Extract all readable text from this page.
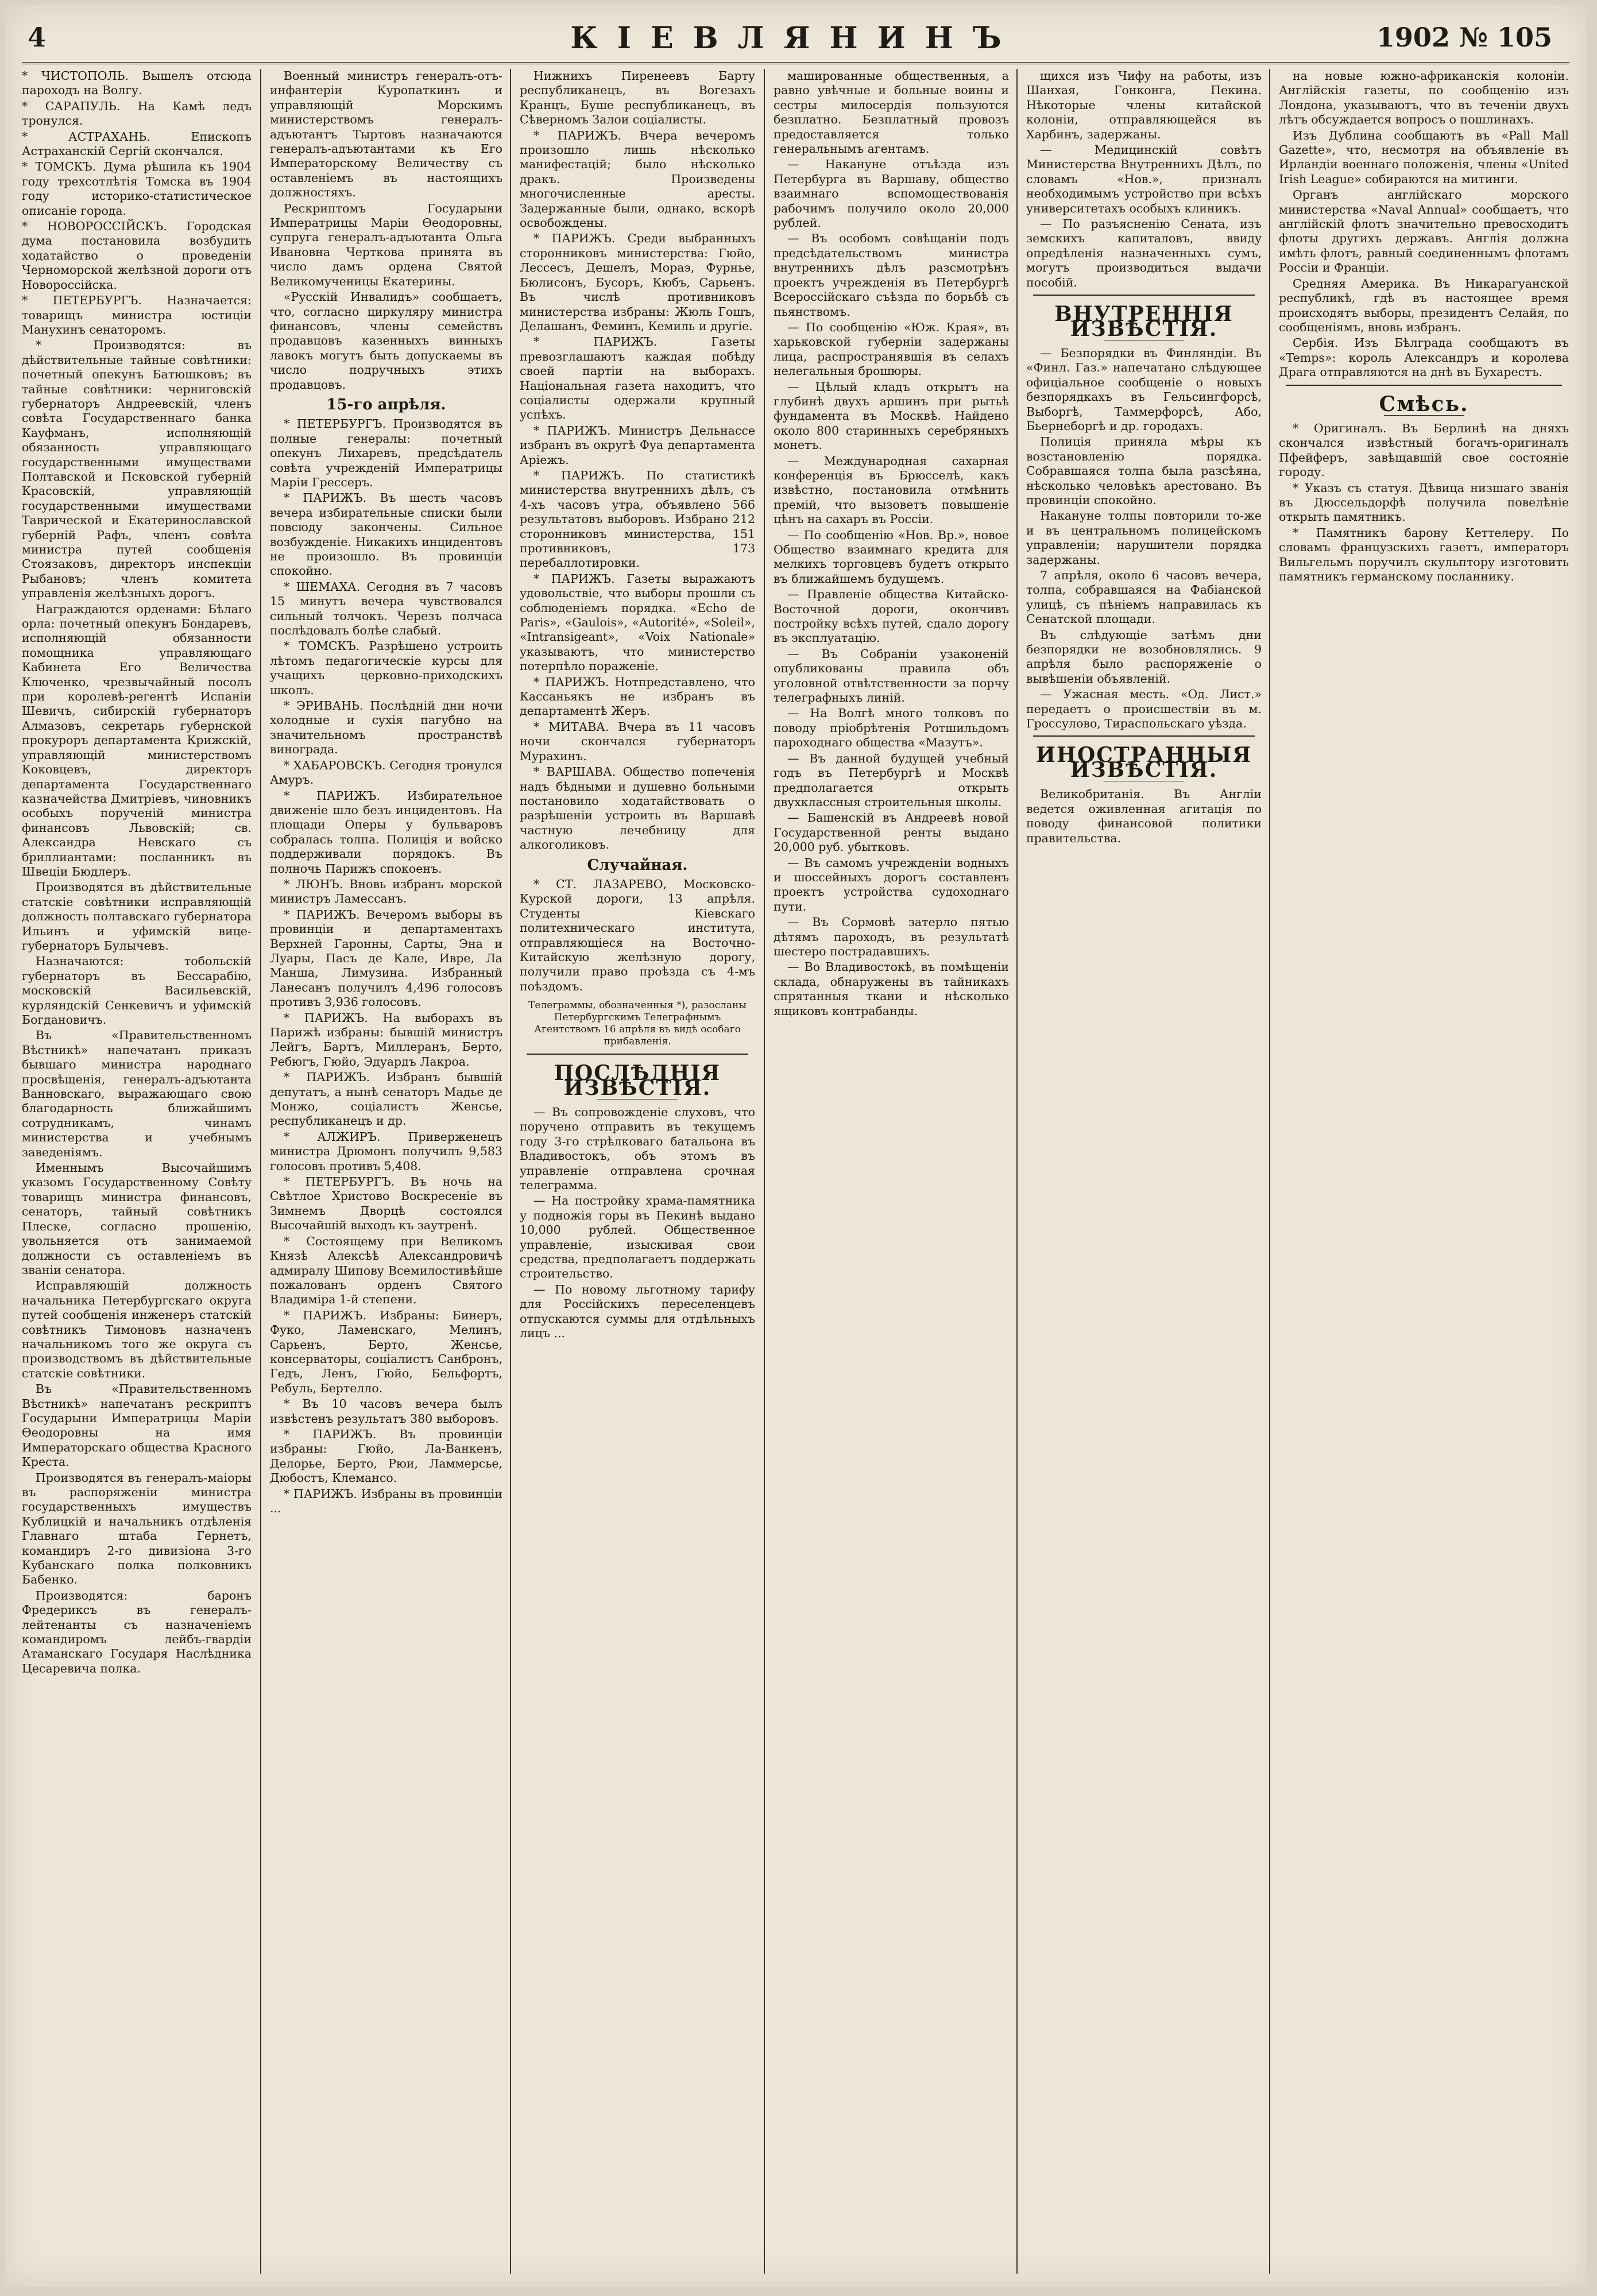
4	КІЕВЛЯНИНЪ	1902 № 105

* ЧИСТОПОЛЬ. Вышелъ отсюда пароходъ на Волгу.

* САРАПУЛЬ. На Камѣ ледъ тронулся.

* АСТРАХАНЬ. Епископъ Астраханскій Сергій скончался.

* ТОМСКЪ. Дума рѣшила къ 1904 году трехсотлѣтія Томска въ 1904 году историко-статистическое описаніе города.

* НОВОРОССІЙСКЪ. Городская дума постановила возбудить ходатайство о проведеніи Черноморской желѣзной дороги отъ Новороссійска.

* ПЕТЕРБУРГЪ. Назначается: товарищъ министра юстиціи Манухинъ сенаторомъ.

* Производятся: въ дѣйствительные тайные совѣтники: почетный опекунъ Батюшковъ; въ тайные совѣтники: черниговскій губернаторъ Андреевскій, членъ совѣта Государственнаго банка Кауфманъ, исполняющій обязанность управляющаго государственными имуществами Полтавской и Псковской губерній Красовскій, управляющій государственными имуществами Таврической и Екатеринославской губерній Рафъ, членъ совѣта министра путей сообщенія Стоязаковъ, директоръ инспекціи Рыбановъ; членъ комитета управленія желѣзныхъ дорогъ.

Награждаются орденами: Бѣлаго орла: почетный опекунъ Бондаревъ, исполняющій обязанности помощника управляющаго Кабинета Его Величества Ключенко, чрезвычайный посолъ при королевѣ-регентѣ Испаніи Шевичъ, сибирскій губернаторъ Алмазовъ, секретарь губернской прокуроръ департамента Крижскій, управляющій министерствомъ Коковцевъ, директоръ департамента Государственнаго казначейства Дмитріевъ, чиновникъ особыхъ порученій министра финансовъ Львовскій; св. Александра Невскаго съ бриллиантами: посланникъ въ Швеціи Бюдлеръ.

Производятся въ дѣйствительные статскіе совѣтники исправляющій должность полтавскаго губернатора Ильинъ и уфимскій вице-губернаторъ Булычевъ.

Назначаются: тобольскій губернаторъ въ Бессарабію, московскій Васильевскій, курляндскій Сенкевичъ и уфимскій Богдановичъ.

Въ «Правительственномъ Вѣстникѣ» напечатанъ приказъ бывшаго министра народнаго просвѣщенія, генералъ-адъютанта Ванновскаго, выражающаго свою благодарность ближайшимъ сотрудникамъ, чинамъ министерства и учебнымъ заведеніямъ.

Именнымъ Высочайшимъ указомъ Государственному Совѣту товарищъ министра финансовъ, сенаторъ, тайный совѣтникъ Плеске, согласно прошенію, увольняется отъ занимаемой должности съ оставленіемъ въ званіи сенатора.

Исправляющій должность начальника Петербургскаго округа путей сообщенія инженеръ статскій совѣтникъ Тимоновъ назначенъ начальникомъ того же округа съ производствомъ въ дѣйствительные статскіе совѣтники.

Въ «Правительственномъ Вѣстникѣ» напечатанъ рескриптъ Государыни Императрицы Маріи Ѳеодоровны на имя Императорскаго общества Красного Креста.

Производятся въ генералъ-маіоры въ распоряженіи министра государственныхъ имуществъ Кублицкій и начальникъ отдѣленія Главнаго штаба Гернетъ, командиръ 2-го дивизіона 3-го Кубанскаго полка полковникъ Бабенко.

Производятся: баронъ Фредериксъ въ генералъ-лейтенанты съ назначеніемъ командиромъ лейбъ-гвардіи Атаманскаго Государя Наслѣдника Цесаревича полка.

Военный министръ генералъ-отъ-инфантеріи Куропаткинъ и управляющій Морскимъ министерствомъ генералъ-адъютантъ Тыртовъ назначаются генералъ-адъютантами къ Его Императорскому Величеству съ оставленіемъ въ настоящихъ должностяхъ.

Рескриптомъ Государыни Императрицы Маріи Ѳеодоровны, супруга генералъ-адъютанта Ольга Ивановна Черткова принята въ число дамъ ордена Святой Великомученицы Екатерины.

«Русскій Инвалидъ» сообщаетъ, что, согласно циркуляру министра финансовъ, члены семействъ продавцовъ казенныхъ винныхъ лавокъ могутъ быть допускаемы въ число подручныхъ этихъ продавцовъ.

15-го апрѣля.

* ПЕТЕРБУРГЪ. Производятся въ полные генералы: почетный опекунъ Лихаревъ, предсѣдатель совѣта учрежденій Императрицы Маріи Грессеръ.

* ПАРИЖЪ. Въ шесть часовъ вечера избирательные списки были повсюду закончены. Сильное возбужденіе. Никакихъ инцидентовъ не произошло. Въ провинціи спокойно.

* ШЕМАХА. Сегодня въ 7 часовъ 15 минутъ вечера чувствовался сильный толчокъ. Черезъ полчаса послѣдовалъ болѣе слабый.

* ТОМСКЪ. Разрѣшено устроить лѣтомъ педагогическіе курсы для учащихъ церковно-приходскихъ школъ.

* ЭРИВАНЬ. Послѣдній дни ночи холодные и сухія пагубно на значительномъ пространствѣ винограда.

* ХАБАРОВСКЪ. Сегодня тронулся Амуръ.

* ПАРИЖЪ. Избирательное движеніе шло безъ инцидентовъ. На площади Оперы у бульваровъ собралась толпа. Полиція и войско поддерживали порядокъ. Въ полночь Парижъ спокоенъ.

* ЛЮНЪ. Вновь избранъ морской министръ Ламессанъ.

* ПАРИЖЪ. Вечеромъ выборы въ провинціи и департаментахъ Верхней Гаронны, Сарты, Эна и Луары, Пасъ де Кале, Ивре, Ла Манша, Лимузина. Избранный Ланесанъ получилъ 4,496 голосовъ противъ 3,936 голосовъ.

* ПАРИЖЪ. На выборахъ въ Парижѣ избраны: бывшій министръ Лейгъ, Бартъ, Миллеранъ, Берто, Ребюгъ, Гюйо, Эдуардъ Лакроа.

* ПАРИЖЪ. Избранъ бывшій депутатъ, а нынѣ сенаторъ Мадье де Монжо, соціалистъ Женсье, республиканецъ и др.

* АЛЖИРЪ. Приверженецъ министра Дрюмонъ получилъ 9,583 голосовъ противъ 5,408.

* ПЕТЕРБУРГЪ. Въ ночь на Свѣтлое Христово Воскресеніе въ Зимнемъ Дворцѣ состоялся Высочайшій выходъ къ заутренѣ.

* Состоящему при Великомъ Князѣ Алексѣѣ Александровичѣ адмиралу Шипову Всемилостивѣйше пожалованъ орденъ Святого Владиміра 1-й степени.

* ПАРИЖЪ. Избраны: Бинеръ, Фуко, Ламенскаго, Мелинъ, Сарьенъ, Берто, Женсье, консерваторы, соціалистъ Санбронъ, Гедъ, Ленъ, Гюйо, Бельфортъ, Ребуль, Бертелло.

* Въ 10 часовъ вечера былъ извѣстенъ результатъ 380 выборовъ.

* ПАРИЖЪ. Въ провинціи избраны: Гюйо, Ла-Ванкенъ, Делорье, Берто, Рюи, Ламмерсье, Дюбостъ, Клемансо.

* ПАРИЖЪ. Избраны въ провинціи ...

Нижнихъ Пиренеевъ Барту республиканецъ, въ Вогезахъ Кранцъ, Буше республиканецъ, въ Сѣверномъ Залои соціалисты.

* ПАРИЖЪ. Вчера вечеромъ произошло лишь нѣсколько манифестацій; было нѣсколько дракъ. Произведены многочисленные аресты. Задержанные были, однако, вскорѣ освобождены.

* ПАРИЖЪ. Среди выбранныхъ сторонниковъ министерства: Гюйо, Лессесъ, Дешелъ, Мораэ, Фурнье, Бюлисонъ, Бусоръ, Кюбъ, Сарьенъ. Въ числѣ противниковъ министерства избраны: Жюль Гошъ, Делашанъ, Феминъ, Кемиль и другіе.

* ПАРИЖЪ. Газеты превозглашаютъ каждая побѣду своей партіи на выборахъ. Національная газета находитъ, что соціалисты одержали крупный успѣхъ.

* ПАРИЖЪ. Министръ Дельнассе избранъ въ округѣ Фуа департамента Аріежъ.

* ПАРИЖЪ. По статистикѣ министерства внутреннихъ дѣлъ, съ 4-хъ часовъ утра, объявлено 566 результатовъ выборовъ. Избрано 212 сторонниковъ министерства, 151 противниковъ, 173 перебаллотировки.

* ПАРИЖЪ. Газеты выражаютъ удовольствіе, что выборы прошли съ соблюденіемъ порядка. «Echo de Paris», «Gaulois», «Autorité», «Soleil», «Intransigeant», «Voix Nationale» указываютъ, что министерство потерпѣло пораженіе.

* ПАРИЖЪ. Нотпредставлено, что Кассаньякъ не избранъ въ департаментѣ Жеръ.

* МИТАВА. Вчера въ 11 часовъ ночи скончался губернаторъ Мурахинъ.

* ВАРШАВА. Общество попеченія надъ бѣдными и душевно больными постановило ходатайствовать о разрѣшеніи устроить въ Варшавѣ частную лечебницу для алкоголиковъ.

Случайная.

* СТ. ЛАЗАРЕВО, Московско-Курской дороги, 13 апрѣля. Студенты Кіевскаго политехническаго института, отправляющіеся на Восточно-Китайскую желѣзную дорогу, получили право проѣзда съ 4-мъ поѣздомъ.

Телеграммы, обозначенныя *), разосланы Петербургскимъ Телеграфнымъ Агентствомъ 16 апрѣля въ видѣ особаго прибавленія.
ПОСЛѢДНІЯ ИЗВѢСТІЯ.

— Въ сопровожденіе слуховъ, что поручено отправить въ текущемъ году 3-го стрѣлковаго батальона въ Владивостокъ, объ этомъ въ управленіе отправлена срочная телеграмма.

— На постройку храма-памятника у подножія горы въ Пекинѣ выдано 10,000 рублей. Общественное управленіе, изыскивая свои средства, предполагаетъ поддержать строительство.

— По новому льготному тарифу для Россійскихъ переселенцевъ отпускаются суммы для отдѣльныхъ лицъ ...

машированные общественныя, а равно увѣчные и больные воины и сестры милосердія пользуются безплатно. Безплатный провозъ предоставляется только генеральнымъ агентамъ.

— Накануне отъѣзда изъ Петербурга въ Варшаву, общество взаимнаго вспомоществованія рабочимъ получило около 20,000 рублей.

— Въ особомъ совѣщаніи подъ предсѣдательствомъ министра внутреннихъ дѣлъ разсмотрѣнъ проектъ учрежденія въ Петербургѣ Всероссійскаго съѣзда по борьбѣ съ пьянствомъ.

— По сообщенію «Юж. Края», въ харьковской губерніи задержаны лица, распространявшія въ селахъ нелегальныя брошюры.

— Цѣлый кладъ открытъ на глубинѣ двухъ аршинъ при рытьѣ фундамента въ Москвѣ. Найдено около 800 старинныхъ серебряныхъ монетъ.

— Международная сахарная конференція въ Брюсселѣ, какъ извѣстно, постановила отмѣнить премій, что вызоветъ повышеніе цѣнъ на сахаръ въ Россіи.

— По сообщенію «Нов. Вр.», новое Общество взаимнаго кредита для мелкихъ торговцевъ будетъ открыто въ ближайшемъ будущемъ.

— Правленіе общества Китайско-Восточной дороги, окончивъ постройку всѣхъ путей, сдало дорогу въ эксплуатацію.

— Въ Собраніи узаконеній опубликованы правила объ уголовной отвѣтственности за порчу телеграфныхъ линій.

— На Волгѣ много толковъ по поводу пріобрѣтенія Ротшильдомъ пароходнаго общества «Мазутъ».

— Въ данной будущей учебный годъ въ Петербургѣ и Москвѣ предполагается открыть двухклассныя строительныя школы.

— Башенскій въ Андреевѣ новой Государственной ренты выдано 20,000 руб. убытковъ.

— Въ самомъ учрежденіи водныхъ и шоссейныхъ дорогъ составленъ проектъ устройства судоходнаго пути.

— Въ Сормовѣ затерло пятью дѣтямъ пароходъ, въ результатѣ шестеро пострадавшихъ.

— Во Владивостокѣ, въ помѣщеніи склада, обнаружены въ тайникахъ спрятанныя ткани и нѣсколько ящиковъ контрабанды.

щихся изъ Чифу на работы, изъ Шанхая, Гонконга, Пекина. Нѣкоторые члены китайской колоніи, отправляющейся въ Харбинъ, задержаны.

— Медицинскій совѣтъ Министерства Внутреннихъ Дѣлъ, по словамъ «Нов.», призналъ необходимымъ устройство при всѣхъ университетахъ особыхъ клиникъ.

— По разъясненію Сената, изъ земскихъ капиталовъ, ввиду опредѣленія назначенныхъ сумъ, могутъ производиться выдачи пособій.

ВНУТРЕННІЯ ИЗВѢСТІЯ.

— Безпорядки въ Финляндіи. Въ «Финл. Газ.» напечатано слѣдующее офиціальное сообщеніе о новыхъ безпорядкахъ въ Гельсингфорсѣ, Выборгѣ, Таммерфорсѣ, Або, Бьернеборгѣ и др. городахъ.

Полиція приняла мѣры къ возстановленію порядка. Собравшаяся толпа была разсѣяна, нѣсколько человѣкъ арестовано. Въ провинціи спокойно.

Накануне толпы повторили то-же и въ центральномъ полицейскомъ управленіи; нарушители порядка задержаны.

7 апрѣля, около 6 часовъ вечера, толпа, собравшаяся на Фабіанской улицѣ, съ пѣніемъ направилась къ Сенатской площади.

Въ слѣдующіе затѣмъ дни безпорядки не возобновлялись. 9 апрѣля было распоряженіе о вывѣшеніи объявленій.

— Ужасная месть. «Од. Лист.» передаетъ о происшествіи въ м. Гроссулово, Тираспольскаго уѣзда.

ИНОСТРАННЫЯ ИЗВѢСТІЯ.

Великобританія. Въ Англіи ведется оживленная агитація по поводу финансовой политики правительства.

на новые южно-африканскія колоніи. Англійскія газеты, по сообщенію изъ Лондона, указываютъ, что въ теченіи двухъ лѣтъ обсуждается вопросъ о пошлинахъ.

Изъ Дублина сообщаютъ въ «Pall Mall Gazette», что, несмотря на объявленіе въ Ирландіи военнаго положенія, члены «United Irish League» собираются на митинги.

Органъ англійскаго морского министерства «Naval Annual» сообщаетъ, что англійскій флотъ значительно превосходитъ флоты другихъ державъ. Англія должна имѣть флотъ, равный соединеннымъ флотамъ Россіи и Франціи.

Средняя Америка. Въ Никарагуанской республикѣ, гдѣ въ настоящее время происходятъ выборы, президентъ Селайя, по сообщеніямъ, вновь избранъ.

Сербія. Изъ Бѣлграда сообщаютъ въ «Temps»: король Александръ и королева Драга отправляются на днѣ въ Бухарестъ.

Смѣсь.

* Оригиналъ. Въ Берлинѣ на дняхъ скончался извѣстный богачъ-оригиналъ Пфейферъ, завѣщавшій свое состояніе городу.

* Указъ съ статуя. Дѣвица низшаго званія въ Дюссельдорфѣ получила повелѣніе открыть памятникъ.

* Памятникъ барону Кеттелеру. По словамъ французскихъ газетъ, императоръ Вильгельмъ поручилъ скульптору изготовить памятникъ германскому посланнику.
